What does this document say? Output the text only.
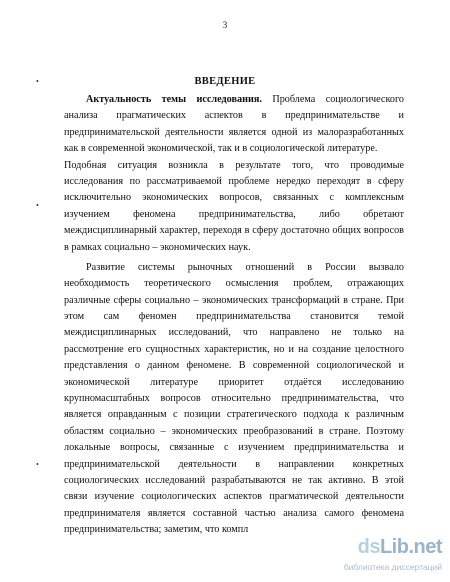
3
ВВЕДЕНИЕ
•
•
•
Актуальность темы исследования. Проблема социологического
анализа прагматических аспектов в предпринимательстве и
предпринимательской деятельности является одной из малоразработанных
как в современной экономической, так и в социологической литературе.
Подобная ситуация возникла в результате того, что проводимые
исследования по рассматриваемой проблеме нередко переходят в сферу
исключительно экономических вопросов, связанных с комплексным
изучением феномена предпринимательства, либо обретают
междисциплинарный характер, переходя в сферу достаточно общих вопросов
в рамках социально – экономических наук.
Развитие системы рыночных отношений в России вызвало
необходимость теоретического осмысления проблем, отражающих
различные сферы социально – экономических трансформаций в стране. При
этом сам феномен предпринимательства становится темой
междисциплинарных исследований, что направлено не только на
рассмотрение его сущностных характеристик, но и на создание целостного
представления о данном феномене. В современной социологической и
экономической литературе приоритет отдаётся исследованию
крупномасштабных вопросов относительно предпринимательства, что
является оправданным с позиции стратегического подхода к различным
областям социально – экономических преобразований в стране. Поэтому
локальные вопросы, связанные с изучением предпринимательства и
предпринимательской деятельности в направлении конкретных
социологических исследований разрабатываются не так активно. В этой
связи изучение социологических аспектов прагматической деятельности
предпринимателя является составной частью анализа самого феномена
предпринимательства; заметим, что компл
dsLib.net
библиотека диссертаций
